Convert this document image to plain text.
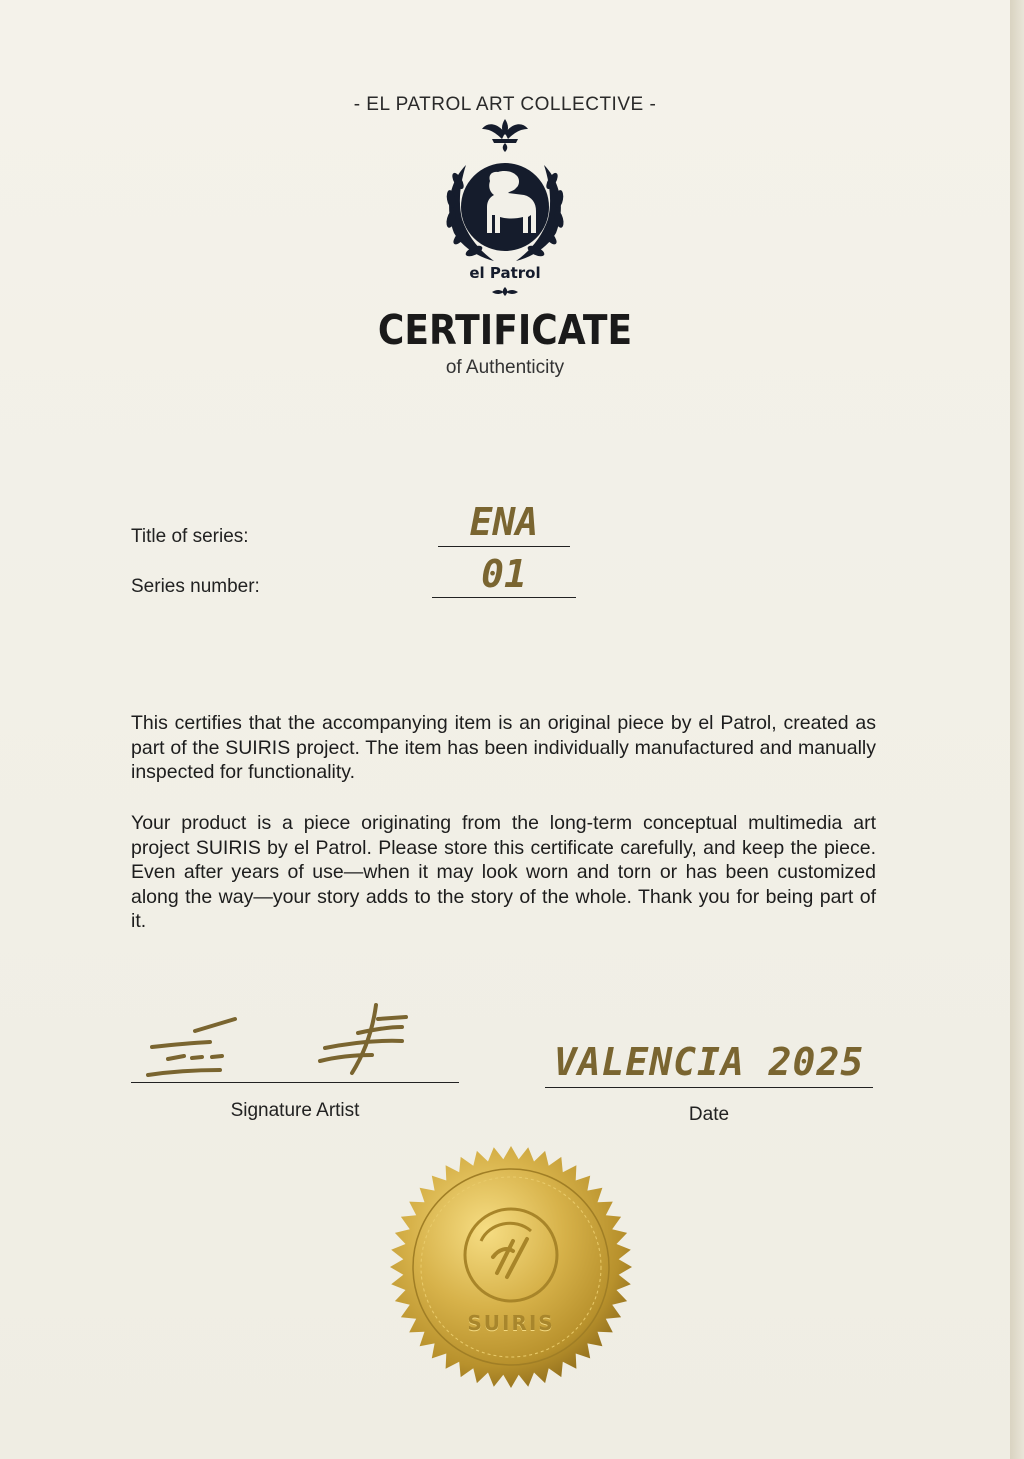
- EL PATROL ART COLLECTIVE -
el Patrol
CERTIFICATE
of Authenticity
Title of series:	ENA
Series number:	01

This certifies that the accompanying item is an original piece by el Patrol, created as part of the SUIRIS project. The item has been individually manufactured and manually inspected for functionality.

Your product is a piece originating from the long-term conceptual multimedia art project SUIRIS by el Patrol. Please store this certificate carefully, and keep the piece. Even after years of use—when it may look worn and torn or has been customized along the way—your story adds to the story of the whole. Thank you for being part of it.

Signature Artist
VALENCIA 2025
Date
SUIRIS
